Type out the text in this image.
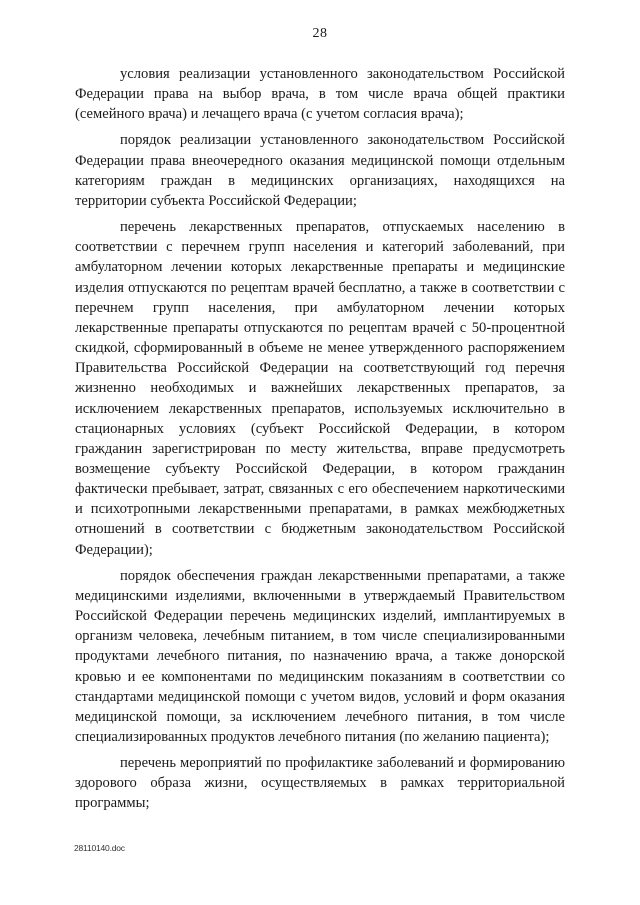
28

условия реализации установленного законодательством Российской Федерации права на выбор врача, в том числе врача общей практики (семейного врача) и лечащего врача (с учетом согласия врача);

порядок реализации установленного законодательством Российской Федерации права внеочередного оказания медицинской помощи отдельным категориям граждан в медицинских организациях, находящихся на территории субъекта Российской Федерации;

перечень лекарственных препаратов, отпускаемых населению в соответствии с перечнем групп населения и категорий заболеваний, при амбулаторном лечении которых лекарственные препараты и медицинские изделия отпускаются по рецептам врачей бесплатно, а также в соответствии с перечнем групп населения, при амбулаторном лечении которых лекарственные препараты отпускаются по рецептам врачей с 50-процентной скидкой, сформированный в объеме не менее утвержденного распоряжением Правительства Российской Федерации на соответствующий год перечня жизненно необходимых и важнейших лекарственных препаратов, за исключением лекарственных препаратов, используемых исключительно в стационарных условиях (субъект Российской Федерации, в котором гражданин зарегистрирован по месту жительства, вправе предусмотреть возмещение субъекту Российской Федерации, в котором гражданин фактически пребывает, затрат, связанных с его обеспечением наркотическими и психотропными лекарственными препаратами, в рамках межбюджетных отношений в соответствии с бюджетным законодательством Российской Федерации);

порядок обеспечения граждан лекарственными препаратами, а также медицинскими изделиями, включенными в утверждаемый Правительством Российской Федерации перечень медицинских изделий, имплантируемых в организм человека, лечебным питанием, в том числе специализированными продуктами лечебного питания, по назначению врача, а также донорской кровью и ее компонентами по медицинским показаниям в соответствии со стандартами медицинской помощи с учетом видов, условий и форм оказания медицинской помощи, за исключением лечебного питания, в том числе специализированных продуктов лечебного питания (по желанию пациента);

перечень мероприятий по профилактике заболеваний и формированию здорового образа жизни, осуществляемых в рамках территориальной программы;

28110140.doc
